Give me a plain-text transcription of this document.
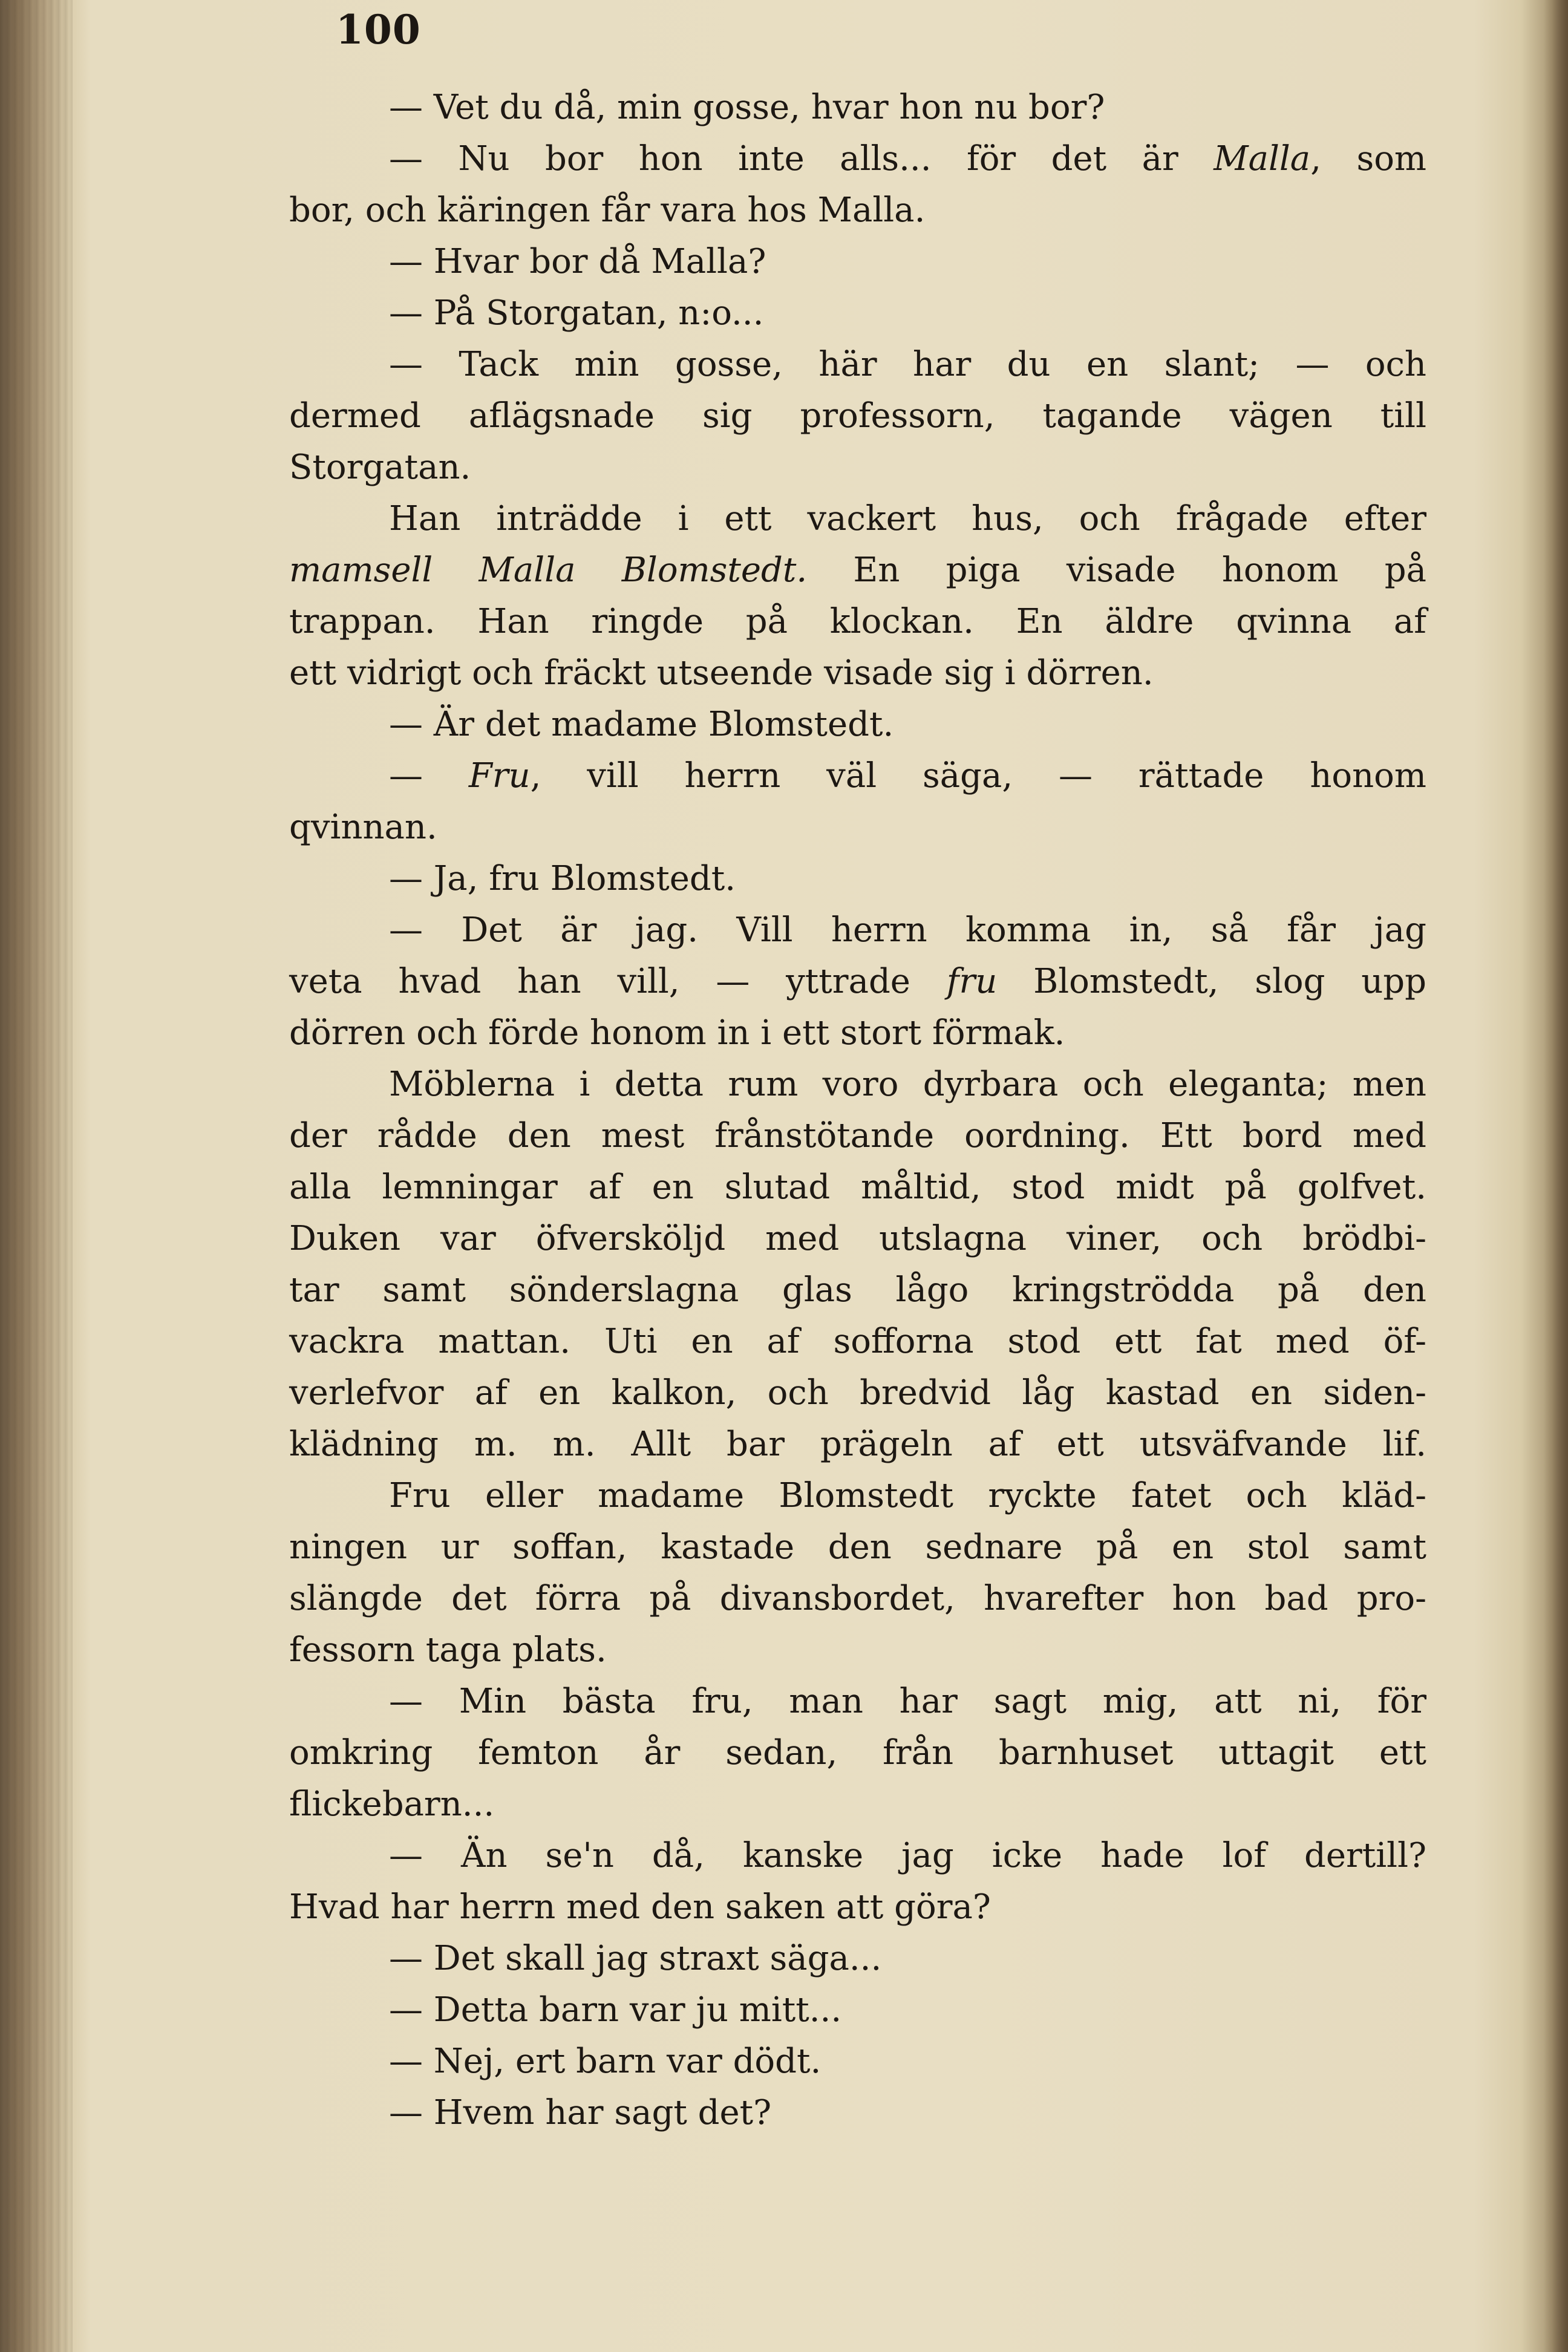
100
— Vet du då, min gosse, hvar hon nu bor?
— Nu bor hon inte alls... för det är Malla, som
bor, och käringen får vara hos Malla.
— Hvar bor då Malla?
— På Storgatan, n:o...
— Tack min gosse, här har du en slant; — och
dermed aflägsnade sig professorn, tagande vägen till
Storgatan.
Han inträdde i ett vackert hus, och frågade efter
mamsell Malla Blomstedt. En piga visade honom på
trappan. Han ringde på klockan. En äldre qvinna af
ett vidrigt och fräckt utseende visade sig i dörren.
— Är det madame Blomstedt.
— Fru, vill herrn väl säga, — rättade honom
qvinnan.
— Ja, fru Blomstedt.
— Det är jag. Vill herrn komma in, så får jag
veta hvad han vill, — yttrade fru Blomstedt, slog upp
dörren och förde honom in i ett stort förmak.
Möblerna i detta rum voro dyrbara och eleganta; men
der rådde den mest frånstötande oordning. Ett bord med
alla lemningar af en slutad måltid, stod midt på golfvet.
Duken var öfversköljd med utslagna viner, och brödbi-
tar samt sönderslagna glas lågo kringströdda på den
vackra mattan. Uti en af sofforna stod ett fat med öf-
verlefvor af en kalkon, och bredvid låg kastad en siden-
klädning m. m. Allt bar prägeln af ett utsväfvande lif.
Fru eller madame Blomstedt ryckte fatet och kläd-
ningen ur soffan, kastade den sednare på en stol samt
slängde det förra på divansbordet, hvarefter hon bad pro-
fessorn taga plats.
— Min bästa fru, man har sagt mig, att ni, för
omkring femton år sedan, från barnhuset uttagit ett
flickebarn...
— Än se'n då, kanske jag icke hade lof dertill?
Hvad har herrn med den saken att göra?
— Det skall jag straxt säga...
— Detta barn var ju mitt...
— Nej, ert barn var dödt.
— Hvem har sagt det?
